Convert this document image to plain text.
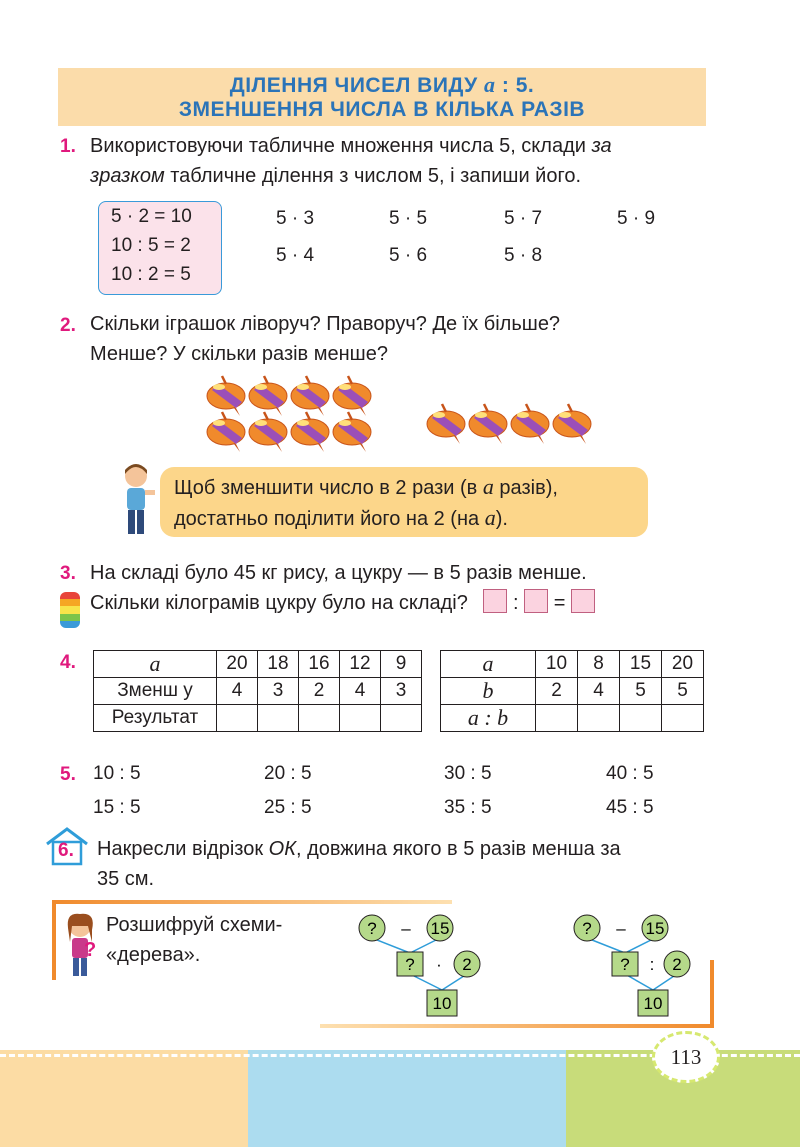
ДІЛЕННЯ ЧИСЕЛ ВИДУ a : 5.
ЗМЕНШЕННЯ ЧИСЛА В КІЛЬКА РАЗІВ
1. Використовуючи табличне множення числа 5, склади за
зразком табличне ділення з числом 5, і запиши його.
5 · 2 = 10
10 : 5 = 2
10 : 2 = 5
5 · 3	5 · 5	5 · 7	5 · 9
5 · 4	5 · 6	5 · 8
2. Скільки іграшок ліворуч? Праворуч? Де їх більше?
Менше? У скільки разів менше?
Щоб зменшити число в 2 рази (в a разів),
достатньо поділити його на 2 (на a).
3. На складі було 45 кг рису, а цукру — в 5 разів менше.
Скільки кілограмів цукру було на складі? : =
4.	a	20	18	16	12	9
Зменш у	4	3	2	4	3
Результат					
a	10	8	15	20
b	2	4	5	5
a : b				
5. 10 : 5	20 : 5	30 : 5	40 : 5
15 : 5	25 : 5	35 : 5	45 : 5
6. Накресли відрізок ОК, довжина якого в 5 разів менша за
35 см.
?
Розшифруй схеми-
«дерева».
? – 15
? · 2
10
? – 15
? : 2
10
113
